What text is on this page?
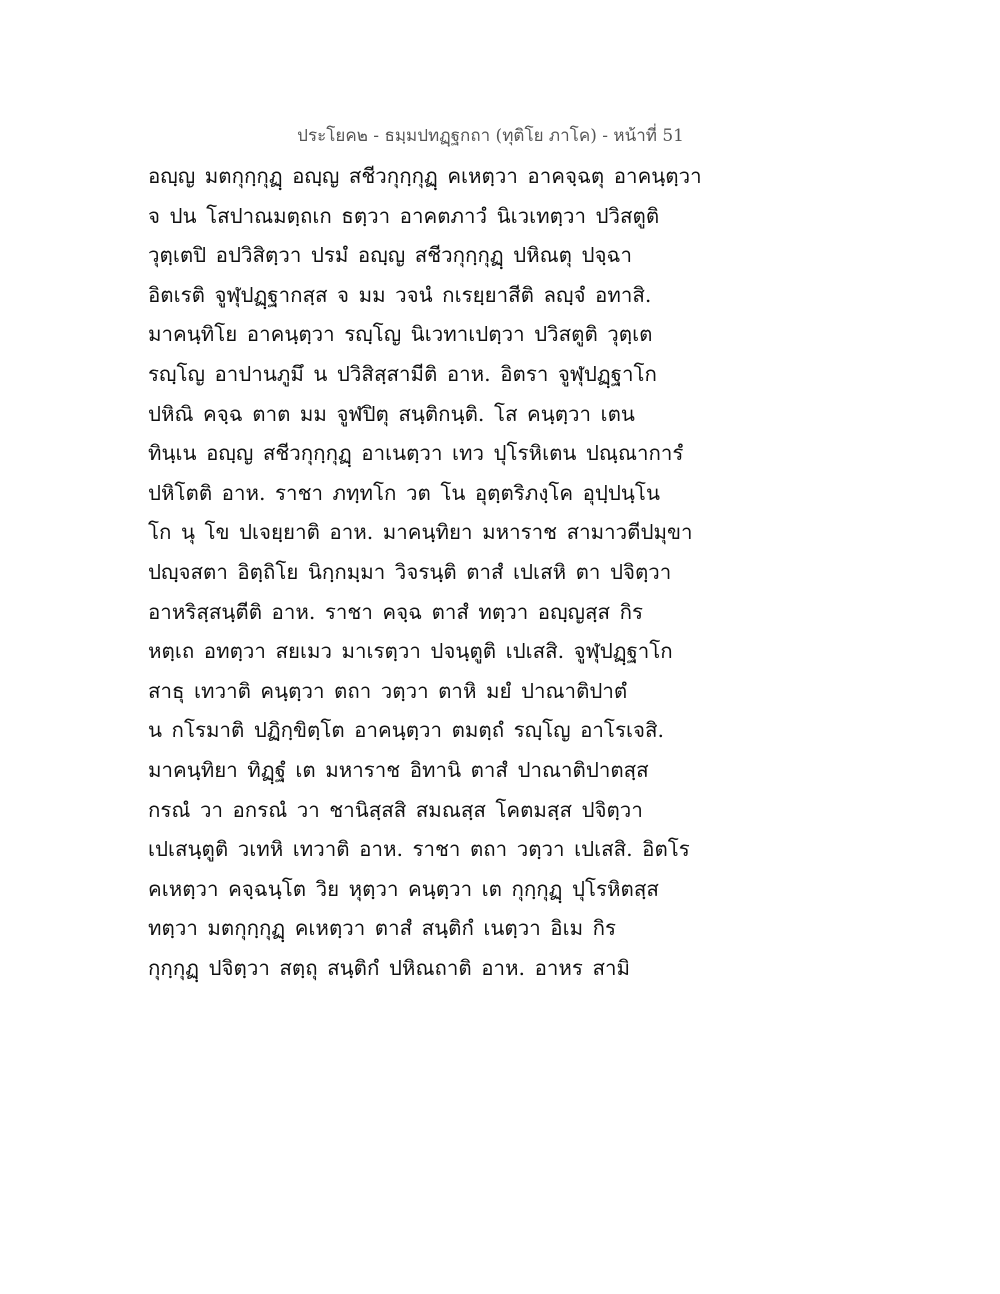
ประโยค๒ - ธมฺมปทฏฺฐกถา (ทุติโย ภาโค) - หน้าที่ 51
อญฺญ มตกุกฺกุฏฺ อญฺญ สชีวกุกฺกุฏฺ คเหตฺวา อาคจฺฉตุ อาคนฺตฺวา
จ ปน โสปาณมตฺถเก ธตฺวา อาคตภาวํ นิเวเทตฺวา ปวิสตูติ
วุตฺเตปิ อปวิสิตฺวา ปรมํ อญฺญ สชีวกุกฺกุฏฺ ปหิณตุ ปจฺฉา
อิตเรติ จูฬุปฏฺฐากสฺส จ มม วจนํ กเรยฺยาสีติ ลญฺจํ อทาสิ.
มาคนฺทิโย อาคนฺตฺวา รญฺโญ นิเวทาเปตฺวา ปวิสตูติ วุตฺเต
รญฺโญ อาปานภูมึ น ปวิสิสฺสามีติ อาห. อิตรา จูฬุปฏฺฐาโก
ปหิณิ คจฺฉ ตาต มม จูฬปิตุ สนฺติกนฺติ. โส คนฺตฺวา เตน
ทินฺเน อญฺญ สชีวกุกฺกุฏฺ อาเนตฺวา เทว ปุโรหิเตน ปณฺณาการํ
ปหิโตติ อาห. ราชา ภทฺทโก วต โน อุตฺตริภงฺโค อุปฺปนฺโน
โก นุ โข ปเจยฺยาติ อาห. มาคนฺทิยา มหาราช สามาวตีปมุขา
ปญฺจสตา อิตฺถิโย นิกฺกมฺมา วิจรนฺติ ตาสํ เปเสหิ ตา ปจิตฺวา
อาหริสฺสนฺตีติ อาห. ราชา คจฺฉ ตาสํ ทตฺวา อญฺญสฺส กิร
หตฺเถ อทตฺวา สยเมว มาเรตฺวา ปจนฺตูติ เปเสสิ. จูฬุปฏฺฐาโก
สาธุ เทวาติ คนฺตฺวา ตถา วตฺวา ตาหิ มยํ ปาณาติปาตํ
น กโรมาติ ปฏิกฺขิตฺโต อาคนฺตฺวา ตมตฺถํ รญฺโญ อาโรเจสิ.
มาคนฺทิยา ทิฏฺฐํ เต มหาราช อิทานิ ตาสํ ปาณาติปาตสฺส
กรณํ วา อกรณํ วา ชานิสฺสสิ สมณสฺส โคตมสฺส ปจิตฺวา
เปเสนฺตูติ วเทหิ เทวาติ อาห. ราชา ตถา วตฺวา เปเสสิ. อิตโร
คเหตฺวา คจฺฉนฺโต วิย หุตฺวา คนฺตฺวา เต กุกฺกุฏฺ ปุโรหิตสฺส
ทตฺวา มตกุกฺกุฏฺ คเหตฺวา ตาสํ สนฺติกํ เนตฺวา อิเม กิร
กุกฺกุฏฺ ปจิตฺวา สตฺถุ สนฺติกํ ปหิณถาติ อาห. อาหร สามิ
